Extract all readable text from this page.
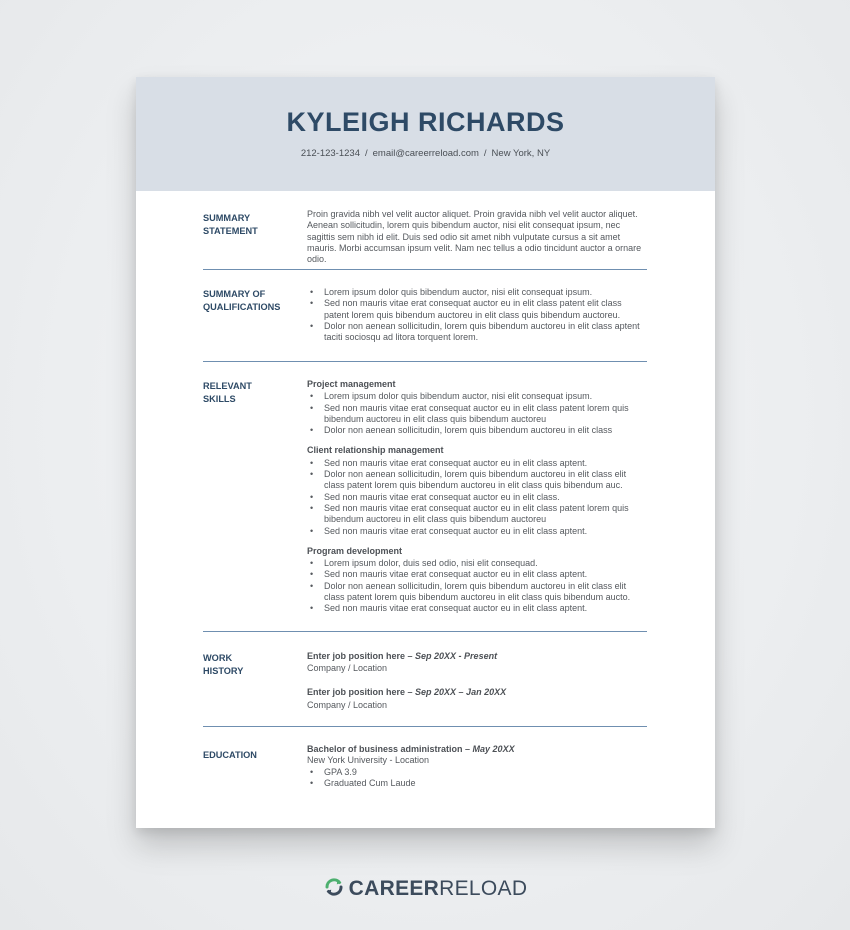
KYLEIGH RICHARDS
212-123-1234 / email@careerreload.com / New York, NY
SUMMARY
STATEMENT
Proin gravida nibh vel velit auctor aliquet. Proin gravida nibh vel velit auctor aliquet. Aenean sollicitudin, lorem quis bibendum auctor, nisi elit consequat ipsum, nec sagittis sem nibh id elit. Duis sed odio sit amet nibh vulputate cursus a sit amet mauris. Morbi accumsan ipsum velit. Nam nec tellus a odio tincidunt auctor a ornare odio.
SUMMARY OF
QUALIFICATIONS
• Lorem ipsum dolor quis bibendum auctor, nisi elit consequat ipsum.
• Sed non mauris vitae erat consequat auctor eu in elit class patent elit class patent lorem quis bibendum auctoreu in elit class quis bibendum auctoreu.
• Dolor non aenean sollicitudin, lorem quis bibendum auctoreu in elit class aptent taciti sociosqu ad litora torquent lorem.
RELEVANT
SKILLS
Project management
• Lorem ipsum dolor quis bibendum auctor, nisi elit consequat ipsum.
• Sed non mauris vitae erat consequat auctor eu in elit class patent lorem quis bibendum auctoreu in elit class quis bibendum auctoreu
• Dolor non aenean sollicitudin, lorem quis bibendum auctoreu in elit class
Client relationship management
• Sed non mauris vitae erat consequat auctor eu in elit class aptent.
• Dolor non aenean sollicitudin, lorem quis bibendum auctoreu in elit class elit class patent lorem quis bibendum auctoreu in elit class quis bibendum auc.
• Sed non mauris vitae erat consequat auctor eu in elit class.
• Sed non mauris vitae erat consequat auctor eu in elit class patent lorem quis bibendum auctoreu in elit class quis bibendum auctoreu
• Sed non mauris vitae erat consequat auctor eu in elit class aptent.
Program development
• Lorem ipsum dolor, duis sed odio, nisi elit consequad.
• Sed non mauris vitae erat consequat auctor eu in elit class aptent.
• Dolor non aenean sollicitudin, lorem quis bibendum auctoreu in elit class elit class patent lorem quis bibendum auctoreu in elit class quis bibendum aucto.
• Sed non mauris vitae erat consequat auctor eu in elit class aptent.
WORK
HISTORY
Enter job position here – Sep 20XX - Present
Company / Location
Enter job position here – Sep 20XX – Jan 20XX
Company / Location
EDUCATION
Bachelor of business administration – May 20XX
New York University - Location
• GPA 3.9
• Graduated Cum Laude
CAREERRELOAD
